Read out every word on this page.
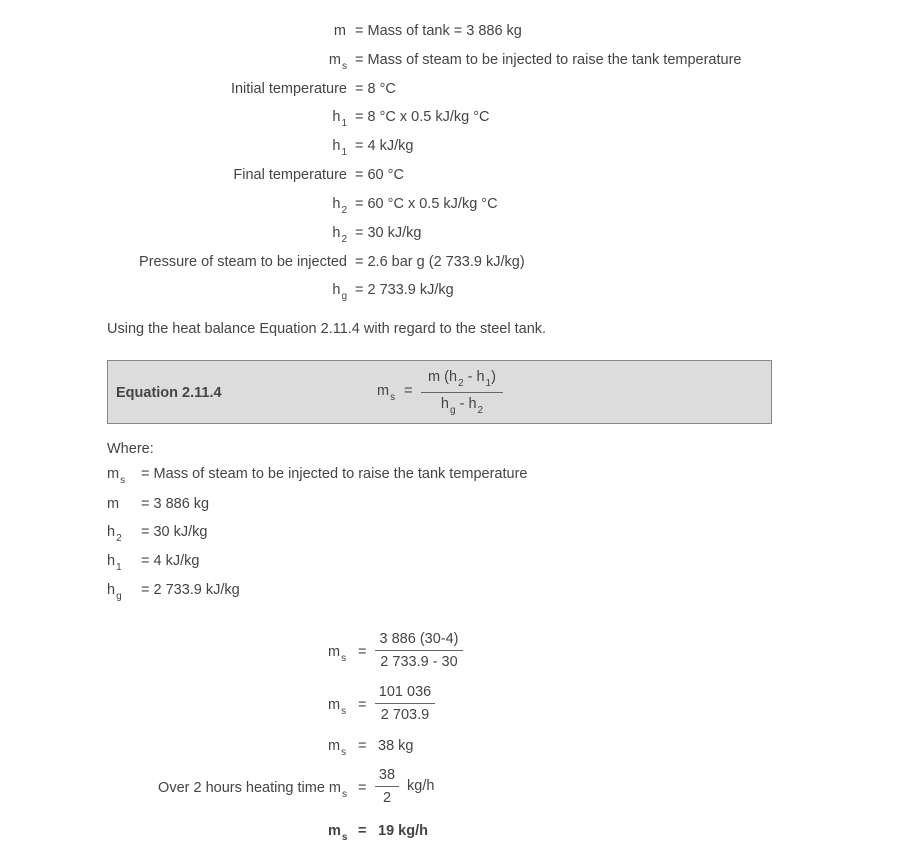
m = Mass of tank = 3 886 kg
$m_s$ = Mass of steam to be injected to raise the tank temperature
Initial temperature = 8 °C
$h_1 = 8$ °C x 0.5 kJ/kg °C
$h_1 = 4$ kJ/kg
Final temperature = 60 °C
$h_2 = 60$ °C x 0.5 kJ/kg °C
$h_2 = 30$ kJ/kg
Pressure of steam to be injected = 2.6 bar g (2 733.9 kJ/kg)
$h_g = 2$ 733.9 kJ/kg
Using the heat balance Equation 2.11.4 with regard to the steel tank.
Equation 2.11.4	$m_s$ =
m $(h_2 - h_1)$
$h_g - h_2$
Where:
$m_s$ = Mass of steam to be injected to raise the tank temperature
m = 3 886 kg
$h_2 = 30$ kJ/kg
$h_1 = 4$ kJ/kg
$h_g = 2$ 733.9 kJ/kg
$m_s$ =
3 886 (30-4)
2 733.9 - 30
$m_s$ =
101 036
2 703.9
$m_s = 38$ kg
Over 2 hours heating time $m_s$ =
38
2
kg/h
$m_s = 19$ kg/h
